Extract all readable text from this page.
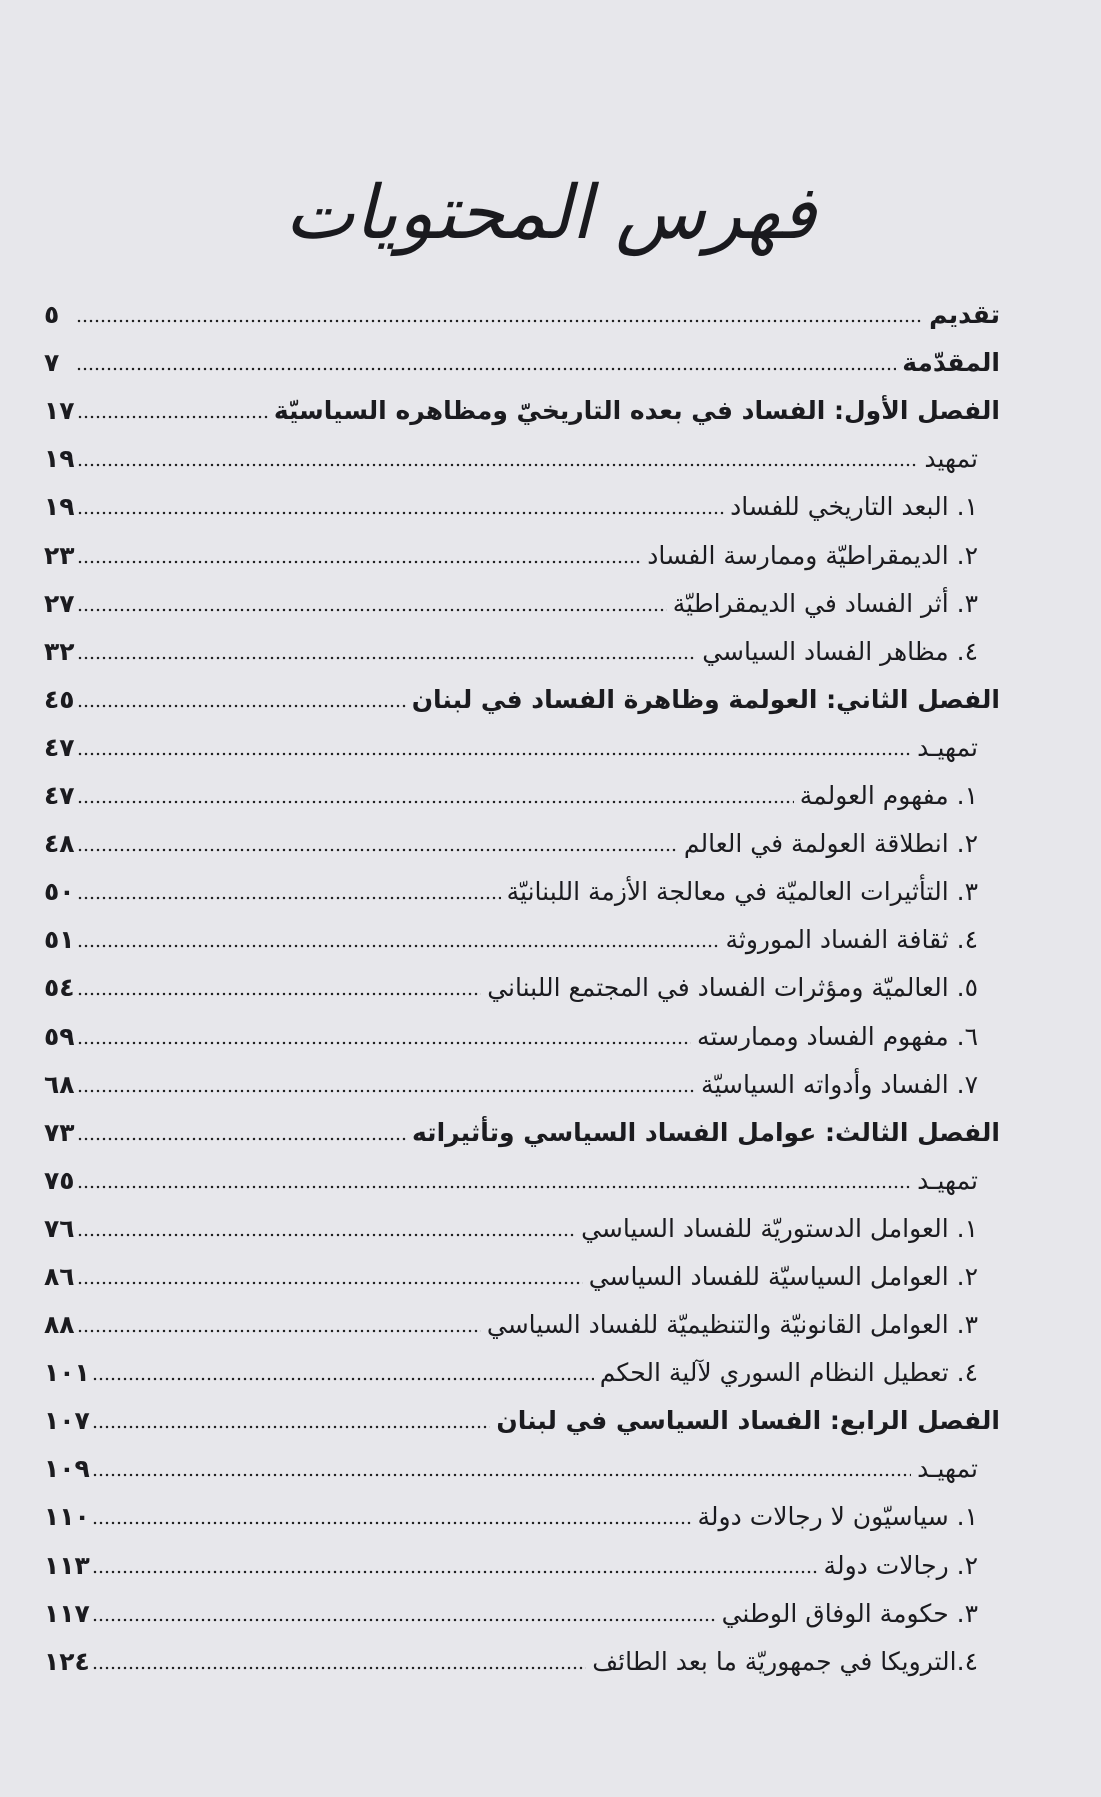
فهرس المحتويات
تقديم
٥
المقدّمة
٧
الفصل الأول: الفساد في بعده التاريخيّ ومظاهره السياسيّة
١٧
تمهيد
١٩
١. البعد التاريخي للفساد
١٩
٢. الديمقراطيّة وممارسة الفساد
٢٣
٣. أثر الفساد في الديمقراطيّة
٢٧
٤. مظاهر الفساد السياسي
٣٢
الفصل الثاني: العولمة وظاهرة الفساد في لبنان
٤٥
تمهيـد
٤٧
١. مفهوم العولمة
٤٧
٢. انطلاقة العولمة في العالم
٤٨
٣. التأثيرات العالميّة في معالجة الأزمة اللبنانيّة
٥٠
٤. ثقافة الفساد الموروثة
٥١
٥. العالميّة ومؤثرات الفساد في المجتمع اللبناني
٥٤
٦. مفهوم الفساد وممارسته
٥٩
٧. الفساد وأدواته السياسيّة
٦٨
الفصل الثالث: عوامل الفساد السياسي وتأثيراته
٧٣
تمهيـد
٧٥
١. العوامل الدستوريّة للفساد السياسي
٧٦
٢. العوامل السياسيّة للفساد السياسي
٨٦
٣. العوامل القانونيّة والتنظيميّة للفساد السياسي
٨٨
٤. تعطيل النظام السوري لآلية الحكم
١٠١
الفصل الرابع: الفساد السياسي في لبنان
١٠٧
تمهيـد
١٠٩
١. سياسيّون لا رجالات دولة
١١٠
٢. رجالات دولة
١١٣
٣. حكومة الوفاق الوطني
١١٧
٤.الترويكا في جمهوريّة ما بعد الطائف
١٢٤
